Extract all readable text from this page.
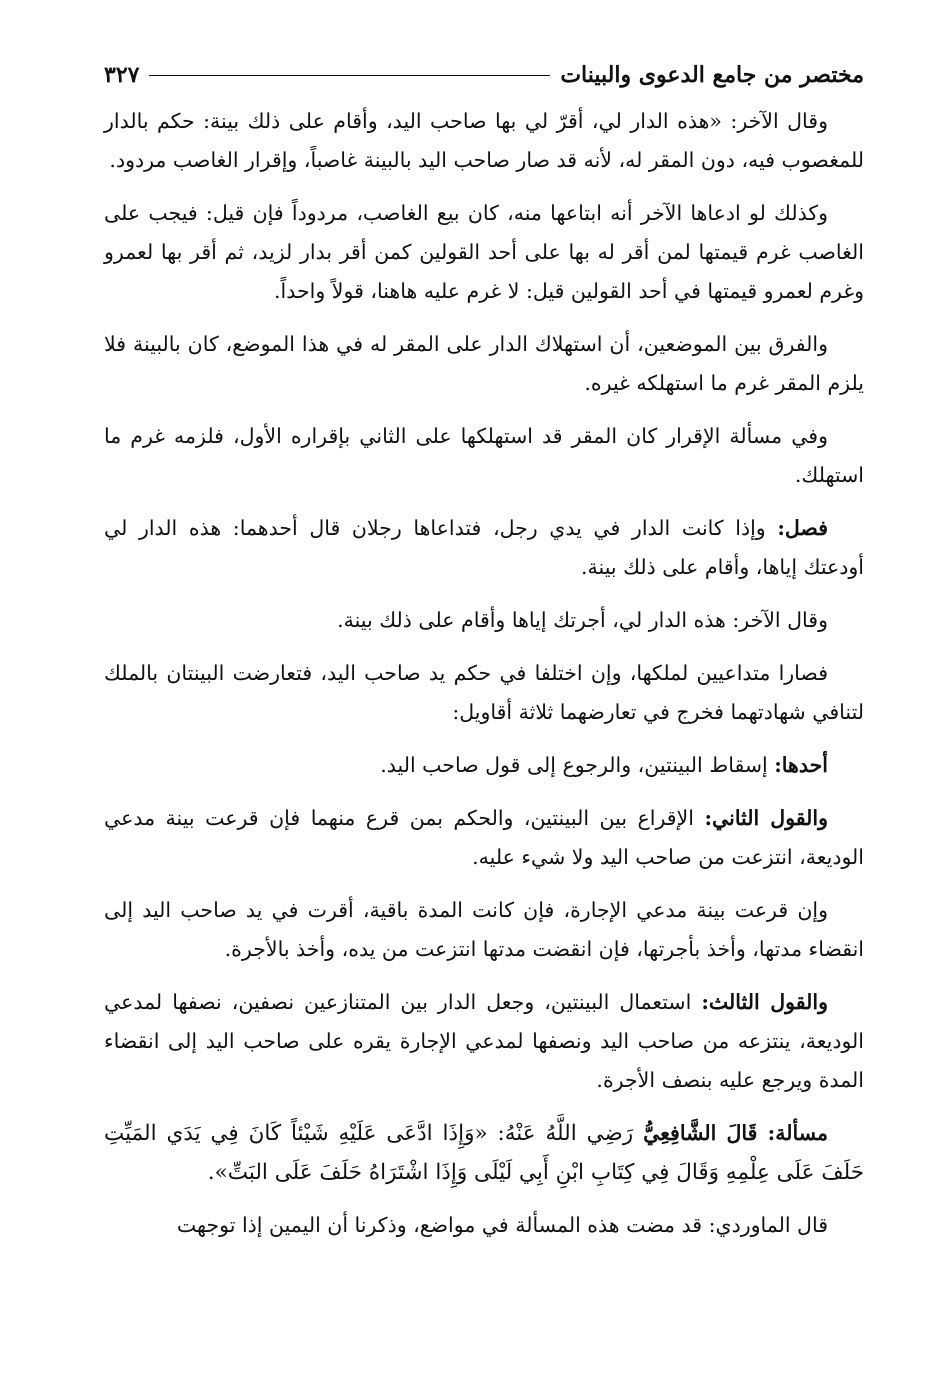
مختصر من جامع الدعوى والبينات
٣٢٧

وقال الآخر: «هذه الدار لي، أقرّ لي بها صاحب اليد، وأقام على ذلك بينة: حكم بالدار للمغصوب فيه، دون المقر له، لأنه قد صار صاحب اليد بالبينة غاصباً، وإقرار الغاصب مردود.

وكذلك لو ادعاها الآخر أنه ابتاعها منه، كان بيع الغاصب، مردوداً فإن قيل: فيجب على الغاصب غرم قيمتها لمن أقر له بها على أحد القولين كمن أقر بدار لزيد، ثم أقر بها لعمرو وغرم لعمرو قيمتها في أحد القولين قيل: لا غرم عليه هاهنا، قولاً واحداً.

والفرق بين الموضعين، أن استهلاك الدار على المقر له في هذا الموضع، كان بالبينة فلا يلزم المقر غرم ما استهلكه غيره.

وفي مسألة الإقرار كان المقر قد استهلكها على الثاني بإقراره الأول، فلزمه غرم ما استهلك.

فصل: وإذا كانت الدار في يدي رجل، فتداعاها رجلان قال أحدهما: هذه الدار لي أودعتك إياها، وأقام على ذلك بينة.

وقال الآخر: هذه الدار لي، أجرتك إياها وأقام على ذلك بينة.

فصارا متداعيين لملكها، وإن اختلفا في حكم يد صاحب اليد، فتعارضت البينتان بالملك لتنافي شهادتهما فخرج في تعارضهما ثلاثة أقاويل:

أحدها: إسقاط البينتين، والرجوع إلى قول صاحب اليد.

والقول الثاني: الإقراع بين البينتين، والحكم بمن قرع منهما فإن قرعت بينة مدعي الوديعة، انتزعت من صاحب اليد ولا شيء عليه.

وإن قرعت بينة مدعي الإجارة، فإن كانت المدة باقية، أقرت في يد صاحب اليد إلى انقضاء مدتها، وأخذ بأجرتها، فإن انقضت مدتها انتزعت من يده، وأخذ بالأجرة.

والقول الثالث: استعمال البينتين، وجعل الدار بين المتنازعين نصفين، نصفها لمدعي الوديعة، ينتزعه من صاحب اليد ونصفها لمدعي الإجارة يقره على صاحب اليد إلى انقضاء المدة ويرجع عليه بنصف الأجرة.

مسألة: قَالَ الشَّافِعِيُّ رَضِي اللَّهُ عَنْهُ: «وَإِذَا ادَّعَى عَلَيْهِ شَيْئاً كَانَ فِي يَدَي المَيِّتِ حَلَفَ عَلَى عِلْمِهِ وَقَالَ فِي كِتَابِ ابْنِ أَبِي لَيْلَى وَإِذَا اشْتَرَاهُ حَلَفَ عَلَى البَتِّ».

قال الماوردي: قد مضت هذه المسألة في مواضع، وذكرنا أن اليمين إذا توجهت
